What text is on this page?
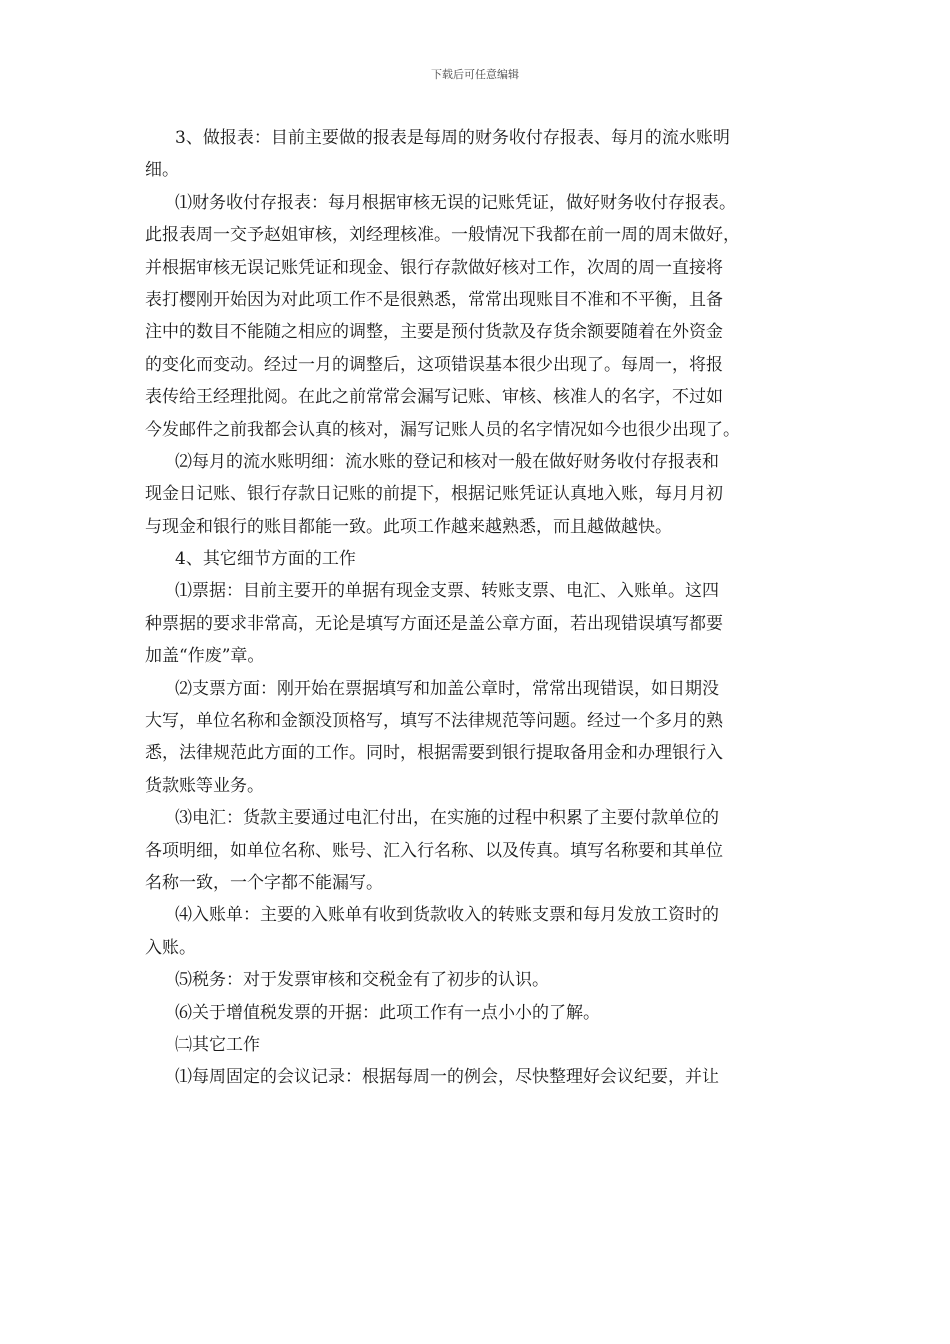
下载后可任意编辑
3、做报表：目前主要做的报表是每周的财务收付存报表、每月的流水账明
细。
⑴财务收付存报表：每月根据审核无误的记账凭证，做好财务收付存报表。
此报表周一交予赵姐审核，刘经理核准。一般情况下我都在前一周的周末做好，
并根据审核无误记账凭证和现金、银行存款做好核对工作，次周的周一直接将
表打樱刚开始因为对此项工作不是很熟悉，常常出现账目不准和不平衡，且备
注中的数目不能随之相应的调整，主要是预付货款及存货余额要随着在外资金
的变化而变动。经过一月的调整后，这项错误基本很少出现了。每周一，将报
表传给王经理批阅。在此之前常常会漏写记账、审核、核准人的名字，不过如
今发邮件之前我都会认真的核对，漏写记账人员的名字情况如今也很少出现了。
⑵每月的流水账明细：流水账的登记和核对一般在做好财务收付存报表和
现金日记账、银行存款日记账的前提下，根据记账凭证认真地入账，每月月初
与现金和银行的账目都能一致。此项工作越来越熟悉，而且越做越快。
4、其它细节方面的工作
⑴票据：目前主要开的单据有现金支票、转账支票、电汇、入账单。这四
种票据的要求非常高，无论是填写方面还是盖公章方面，若出现错误填写都要
加盖“作废”章。
⑵支票方面：刚开始在票据填写和加盖公章时，常常出现错误，如日期没
大写，单位名称和金额没顶格写，填写不法律规范等问题。经过一个多月的熟
悉，法律规范此方面的工作。同时，根据需要到银行提取备用金和办理银行入
货款账等业务。
⑶电汇：货款主要通过电汇付出，在实施的过程中积累了主要付款单位的
各项明细，如单位名称、账号、汇入行名称、以及传真。填写名称要和其单位
名称一致，一个字都不能漏写。
⑷入账单：主要的入账单有收到货款收入的转账支票和每月发放工资时的
入账。
⑸税务：对于发票审核和交税金有了初步的认识。
⑹关于增值税发票的开据：此项工作有一点小小的了解。
㈡其它工作
⑴每周固定的会议记录：根据每周一的例会，尽快整理好会议纪要，并让
